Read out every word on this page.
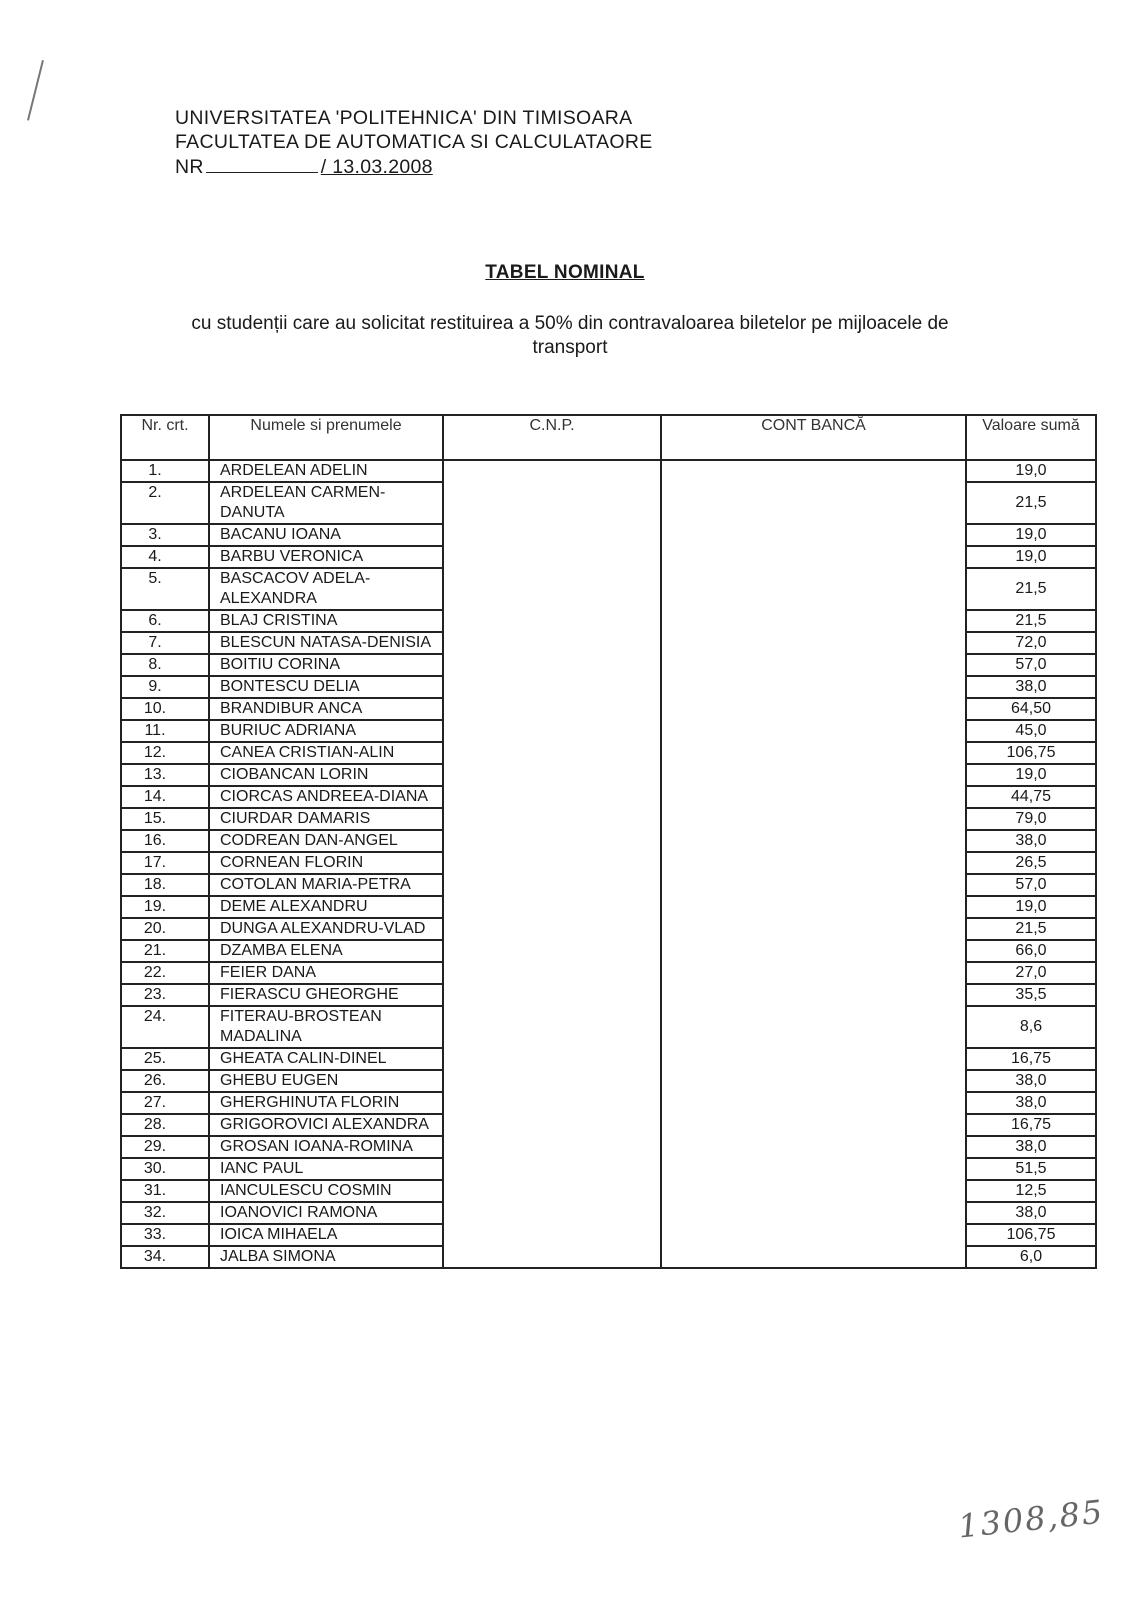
UNIVERSITATEA 'POLITEHNICA' DIN TIMISOARA
FACULTATEA DE AUTOMATICA SI CALCULATAORE
NR	/ 13.03.2008
TABEL NOMINAL
cu studenții care au solicitat restituirea a 50% din contravaloarea biletelor pe mijloacele de transport
Nr. crt.	Numele si prenumele	C.N.P.	CONT BANCĂ	Valoare sumă
1.	ARDELEAN ADELIN			19,0
2.	ARDELEAN CARMEN-DANUTA			21,5
3.	BACANU IOANA			19,0
4.	BARBU VERONICA			19,0
5.	BASCACOV ADELA-ALEXANDRA			21,5
6.	BLAJ CRISTINA			21,5
7.	BLESCUN NATASA-DENISIA			72,0
8.	BOITIU CORINA			57,0
9.	BONTESCU DELIA			38,0
10.	BRANDIBUR ANCA			64,50
11.	BURIUC ADRIANA			45,0
12.	CANEA CRISTIAN-ALIN			106,75
13.	CIOBANCAN LORIN			19,0
14.	CIORCAS ANDREEA-DIANA			44,75
15.	CIURDAR DAMARIS			79,0
16.	CODREAN DAN-ANGEL			38,0
17.	CORNEAN FLORIN			26,5
18.	COTOLAN MARIA-PETRA			57,0
19.	DEME ALEXANDRU			19,0
20.	DUNGA ALEXANDRU-VLAD			21,5
21.	DZAMBA ELENA			66,0
22.	FEIER DANA			27,0
23.	FIERASCU GHEORGHE			35,5
24.	FITERAU-BROSTEAN MADALINA			8,6
25.	GHEATA CALIN-DINEL			16,75
26.	GHEBU EUGEN			38,0
27.	GHERGHINUTA FLORIN			38,0
28.	GRIGOROVICI ALEXANDRA			16,75
29.	GROSAN IOANA-ROMINA			38,0
30.	IANC PAUL			51,5
31.	IANCULESCU COSMIN			12,5
32.	IOANOVICI RAMONA			38,0
33.	IOICA MIHAELA			106,75
34.	JALBA SIMONA			6,0
1308,85
